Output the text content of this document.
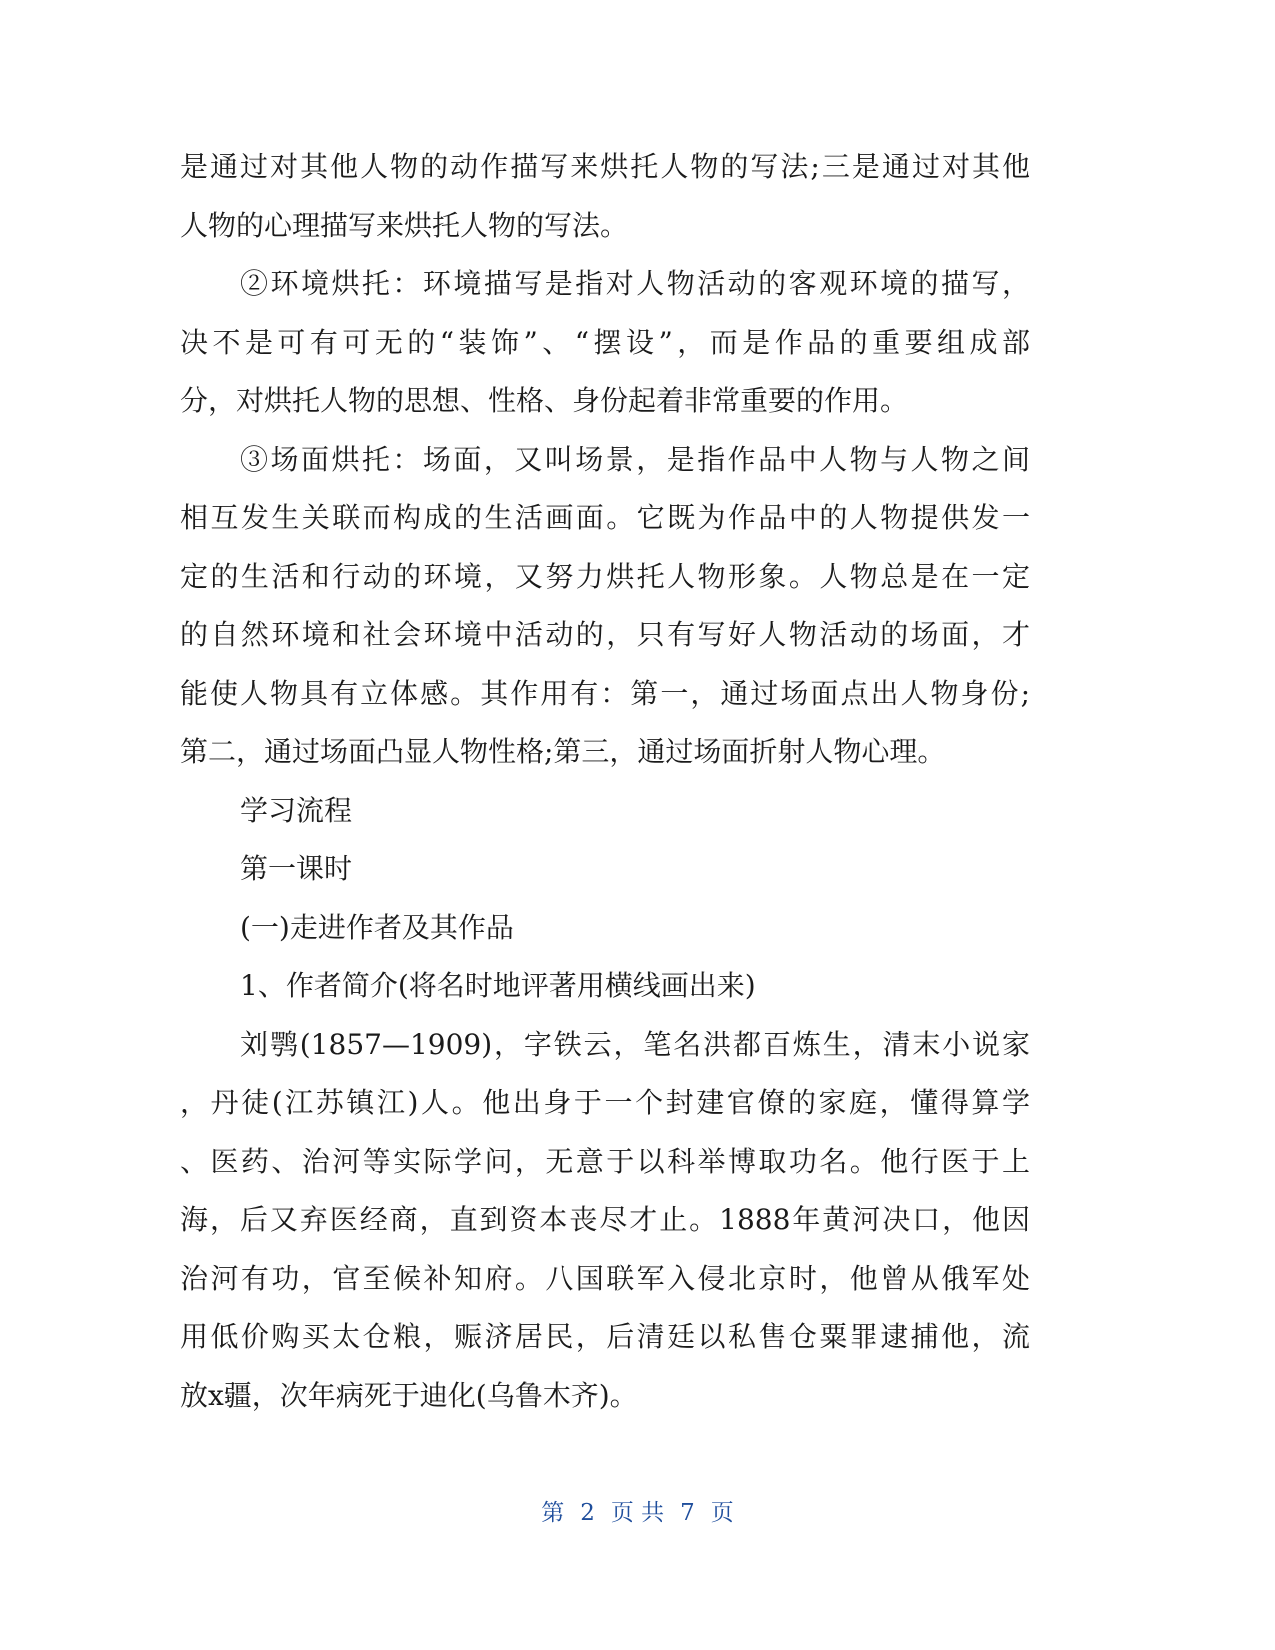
是通过对其他人物的动作描写来烘托人物的写法;三是通过对其他
人物的心理描写来烘托人物的写法。
②环境烘托：环境描写是指对人物活动的客观环境的描写，
决不是可有可无的“装饰”、“摆设”，而是作品的重要组成部
分，对烘托人物的思想、性格、身份起着非常重要的作用。
③场面烘托：场面，又叫场景，是指作品中人物与人物之间
相互发生关联而构成的生活画面。它既为作品中的人物提供发一
定的生活和行动的环境，又努力烘托人物形象。人物总是在一定
的自然环境和社会环境中活动的，只有写好人物活动的场面，才
能使人物具有立体感。其作用有：第一，通过场面点出人物身份;
第二，通过场面凸显人物性格;第三，通过场面折射人物心理。
学习流程
第一课时
(一)走进作者及其作品
1、作者简介(将名时地评著用横线画出来)
刘鹗(1857—1909)，字铁云，笔名洪都百炼生，清末小说家
，丹徒(江苏镇江)人。他出身于一个封建官僚的家庭，懂得算学
、医药、治河等实际学问，无意于以科举博取功名。他行医于上
海，后又弃医经商，直到资本丧尽才止。1888年黄河决口，他因
治河有功，官至候补知府。八国联军入侵北京时，他曾从俄军处
用低价购买太仓粮，赈济居民，后清廷以私售仓粟罪逮捕他，流
放x疆，次年病死于迪化(乌鲁木齐)。
第 2 页 共 7 页
